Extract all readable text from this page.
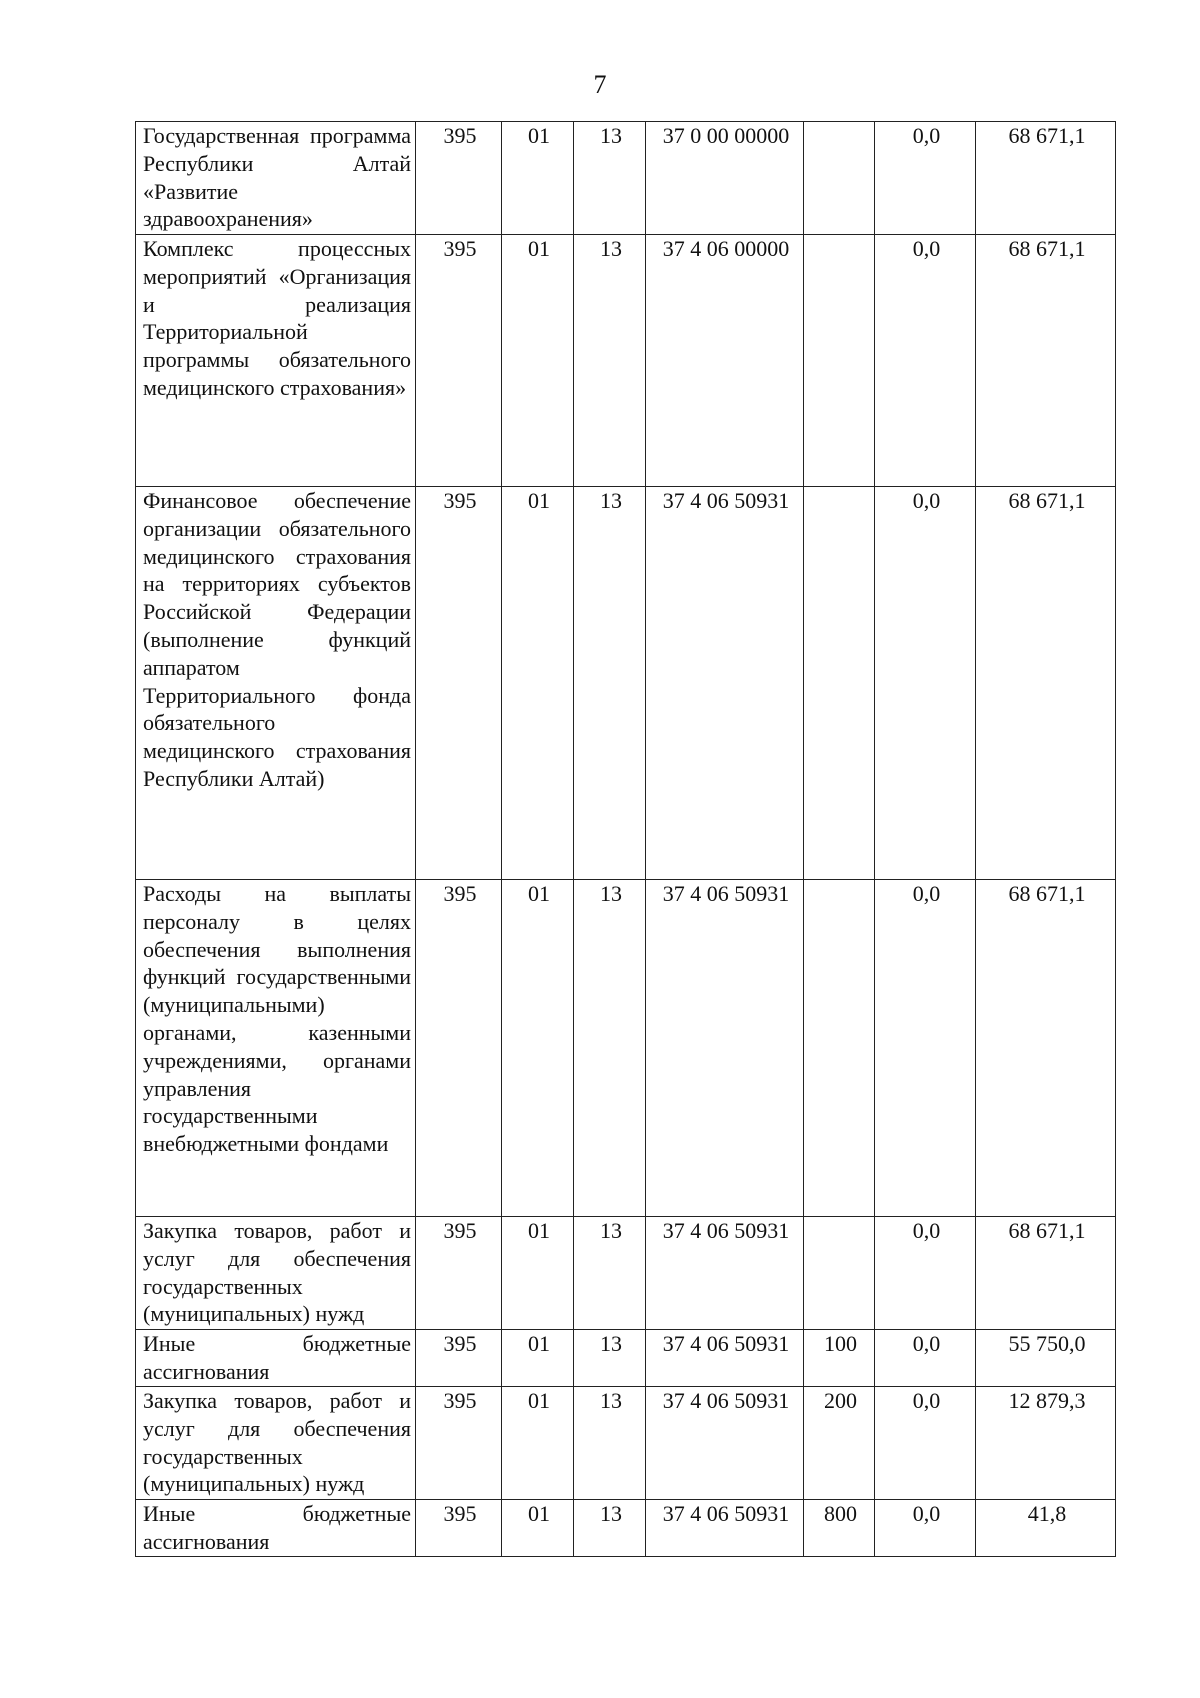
7
Государственная программа Республики Алтай «Развитие здравоохранения»	395	01	13	37 0 00 00000		0,0	68 671,1
Комплекс процессных мероприятий «Организация и реализация Территориальной программы обязательного медицинского страхования»	395	01	13	37 4 06 00000		0,0	68 671,1
Финансовое обеспечение организации обязательного медицинского страхования на территориях субъектов Российской Федерации (выполнение функций аппаратом Территориального фонда обязательного медицинского страхования Республики Алтай)	395	01	13	37 4 06 50931		0,0	68 671,1
Расходы на выплаты персоналу в целях обеспечения выполнения функций государственными (муниципальными) органами, казенными учреждениями, органами управления государственными внебюджетными фондами	395	01	13	37 4 06 50931		0,0	68 671,1
Закупка товаров, работ и услуг для обеспечения государственных (муниципальных) нужд	395	01	13	37 4 06 50931		0,0	68 671,1
Иные бюджетные ассигнования	395	01	13	37 4 06 50931	100	0,0	55 750,0
Закупка товаров, работ и услуг для обеспечения государственных (муниципальных) нужд	395	01	13	37 4 06 50931	200	0,0	12 879,3
Иные бюджетные ассигнования	395	01	13	37 4 06 50931	800	0,0	41,8
